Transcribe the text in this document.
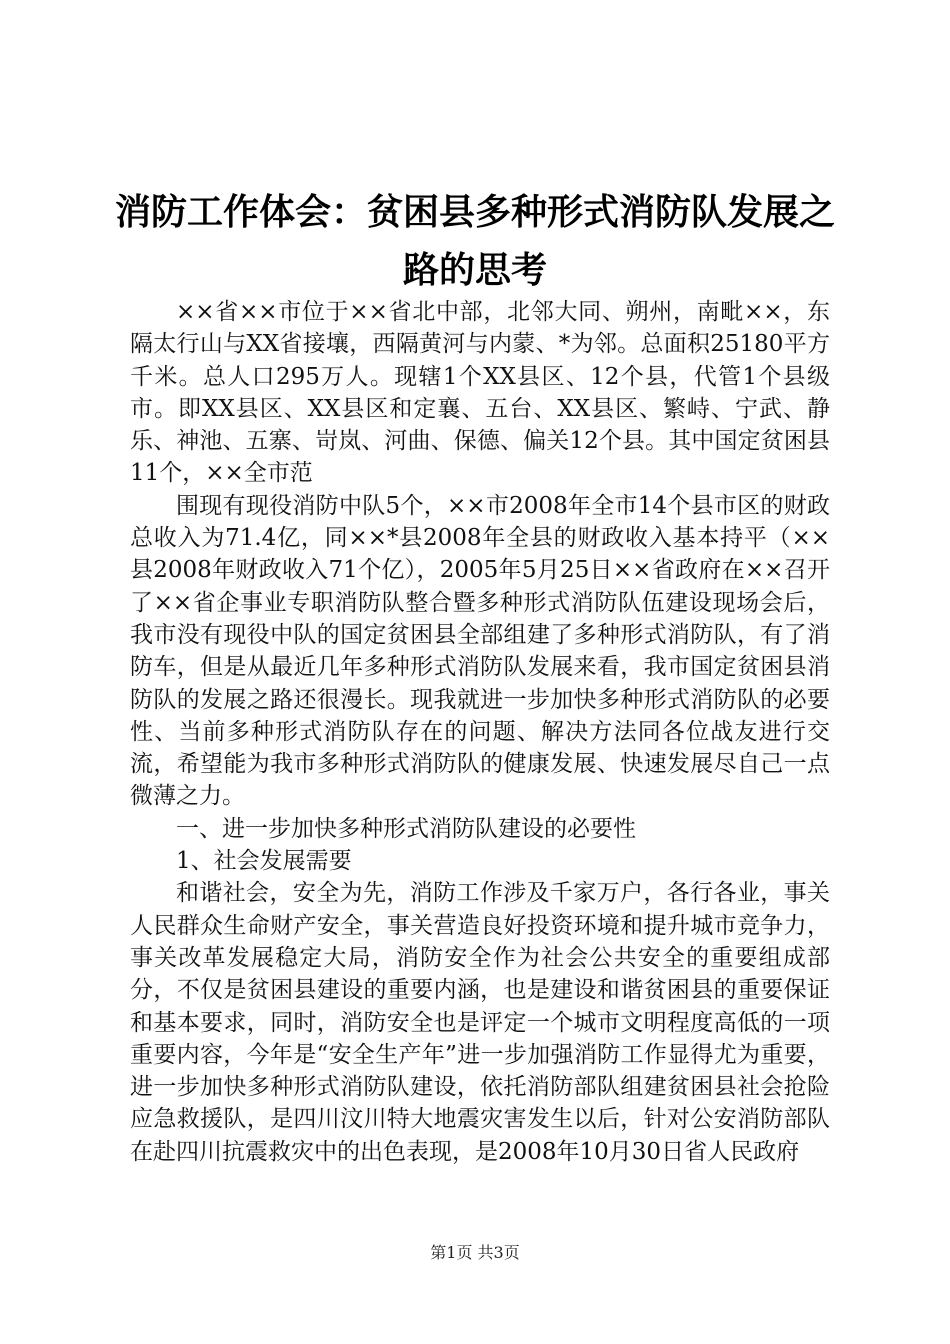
消防工作体会：贫困县多种形式消防队发展之路的思考

××省××市位于××省北中部，北邻大同、朔州，南毗××，东隔太行山与XX省接壤，西隔黄河与内蒙、*为邻。总面积25180平方千米。总人口295万人。现辖1个XX县区、12个县，代管1个县级市。即XX县区、XX县区和定襄、五台、XX县区、繁峙、宁武、静乐、神池、五寨、岢岚、河曲、保德、偏关12个县。其中国定贫困县11个，××全市范

围现有现役消防中队5个，××市2008年全市14个县市区的财政总收入为71.4亿，同××*县2008年全县的财政收入基本持平（××县2008年财政收入71个亿），2005年5月25日××省政府在××召开了××省企事业专职消防队整合暨多种形式消防队伍建设现场会后，我市没有现役中队的国定贫困县全部组建了多种形式消防队，有了消防车，但是从最近几年多种形式消防队发展来看，我市国定贫困县消防队的发展之路还很漫长。现我就进一步加快多种形式消防队的必要性、当前多种形式消防队存在的问题、解决方法同各位战友进行交流，希望能为我市多种形式消防队的健康发展、快速发展尽自己一点微薄之力。

一、进一步加快多种形式消防队建设的必要性

1、社会发展需要

和谐社会，安全为先，消防工作涉及千家万户，各行各业，事关人民群众生命财产安全，事关营造良好投资环境和提升城市竞争力，事关改革发展稳定大局，消防安全作为社会公共安全的重要组成部分，不仅是贫困县建设的重要内涵，也是建设和谐贫困县的重要保证和基本要求，同时，消防安全也是评定一个城市文明程度高低的一项重要内容，今年是“安全生产年”进一步加强消防工作显得尤为重要，进一步加快多种形式消防队建设，依托消防部队组建贫困县社会抢险应急救援队，是四川汶川特大地震灾害发生以后，针对公安消防部队在赴四川抗震救灾中的出色表现，是2008年10月30日省人民政府

第1页 共3页
